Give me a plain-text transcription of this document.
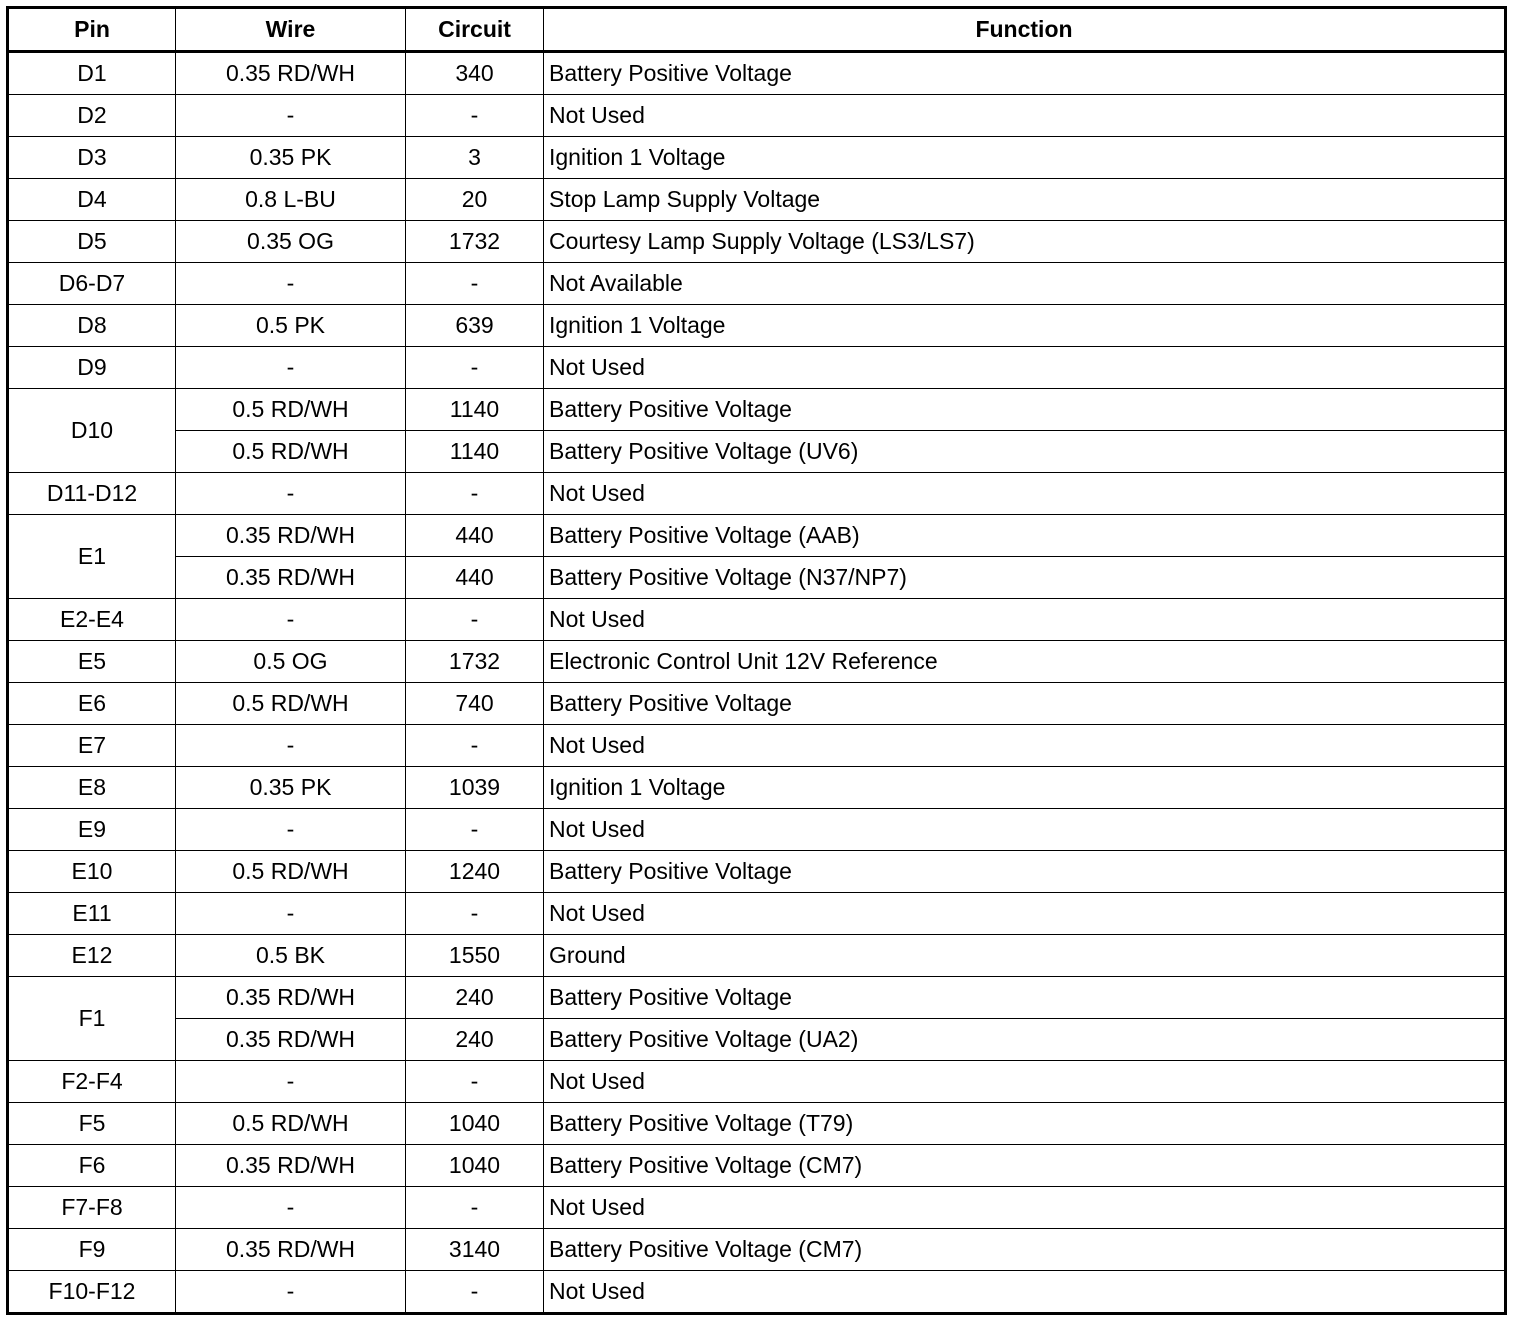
Pin	Wire	Circuit	Function
D1	0.35 RD/WH	340	Battery Positive Voltage
D2	-	-	Not Used
D3	0.35 PK	3	Ignition 1 Voltage
D4	0.8 L-BU	20	Stop Lamp Supply Voltage
D5	0.35 OG	1732	Courtesy Lamp Supply Voltage (LS3/LS7)
D6-D7	-	-	Not Available
D8	0.5 PK	639	Ignition 1 Voltage
D9	-	-	Not Used
D10	0.5 RD/WH	1140	Battery Positive Voltage
	0.5 RD/WH	1140	Battery Positive Voltage (UV6)
D11-D12	-	-	Not Used
E1	0.35 RD/WH	440	Battery Positive Voltage (AAB)
	0.35 RD/WH	440	Battery Positive Voltage (N37/NP7)
E2-E4	-	-	Not Used
E5	0.5 OG	1732	Electronic Control Unit 12V Reference
E6	0.5 RD/WH	740	Battery Positive Voltage
E7	-	-	Not Used
E8	0.35 PK	1039	Ignition 1 Voltage
E9	-	-	Not Used
E10	0.5 RD/WH	1240	Battery Positive Voltage
E11	-	-	Not Used
E12	0.5 BK	1550	Ground
F1	0.35 RD/WH	240	Battery Positive Voltage
	0.35 RD/WH	240	Battery Positive Voltage (UA2)
F2-F4	-	-	Not Used
F5	0.5 RD/WH	1040	Battery Positive Voltage (T79)
F6	0.35 RD/WH	1040	Battery Positive Voltage (CM7)
F7-F8	-	-	Not Used
F9	0.35 RD/WH	3140	Battery Positive Voltage (CM7)
F10-F12	-	-	Not Used
